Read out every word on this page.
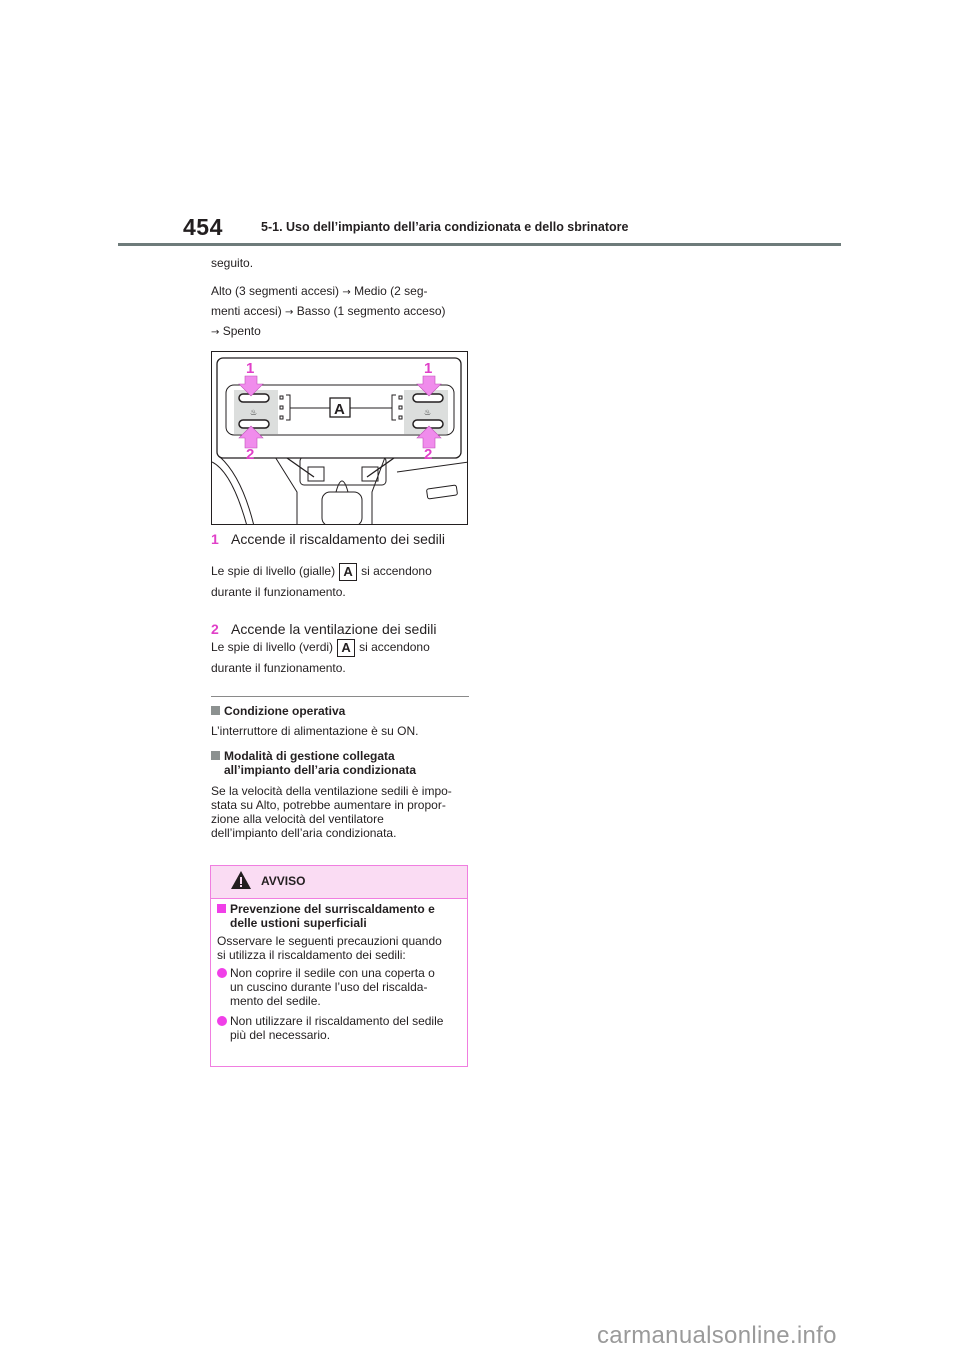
454	5-1. Uso dell’impianto dell’aria condizionata e dello sbrinatore

seguito.

Alto (3 segmenti accesi) → Medio (2 seg-
menti accesi) → Basso (1 segmento acceso)
→ Spento

♨	A	♨
1	1
2	2
1 Accende il riscaldamento dei sedili
Le spie di livello (gialle) A si accendono
durante il funzionamento.
2 Accende la ventilazione dei sedili
Le spie di livello (verdi) A si accendono
durante il funzionamento.
Condizione operativa
L’interruttore di alimentazione è su ON.
Modalità di gestione collegata
all’impianto dell’aria condizionata
Se la velocità della ventilazione sedili è impo-
stata su Alto, potrebbe aumentare in propor-
zione alla velocità del ventilatore
dell’impianto dell’aria condizionata.
AVVISO
Prevenzione del surriscaldamento e
delle ustioni superficiali
Osservare le seguenti precauzioni quando
si utilizza il riscaldamento dei sedili:
Non coprire il sedile con una coperta o
un cuscino durante l’uso del riscalda-
mento del sedile.
Non utilizzare il riscaldamento del sedile
più del necessario.
carmanualsonline.info
